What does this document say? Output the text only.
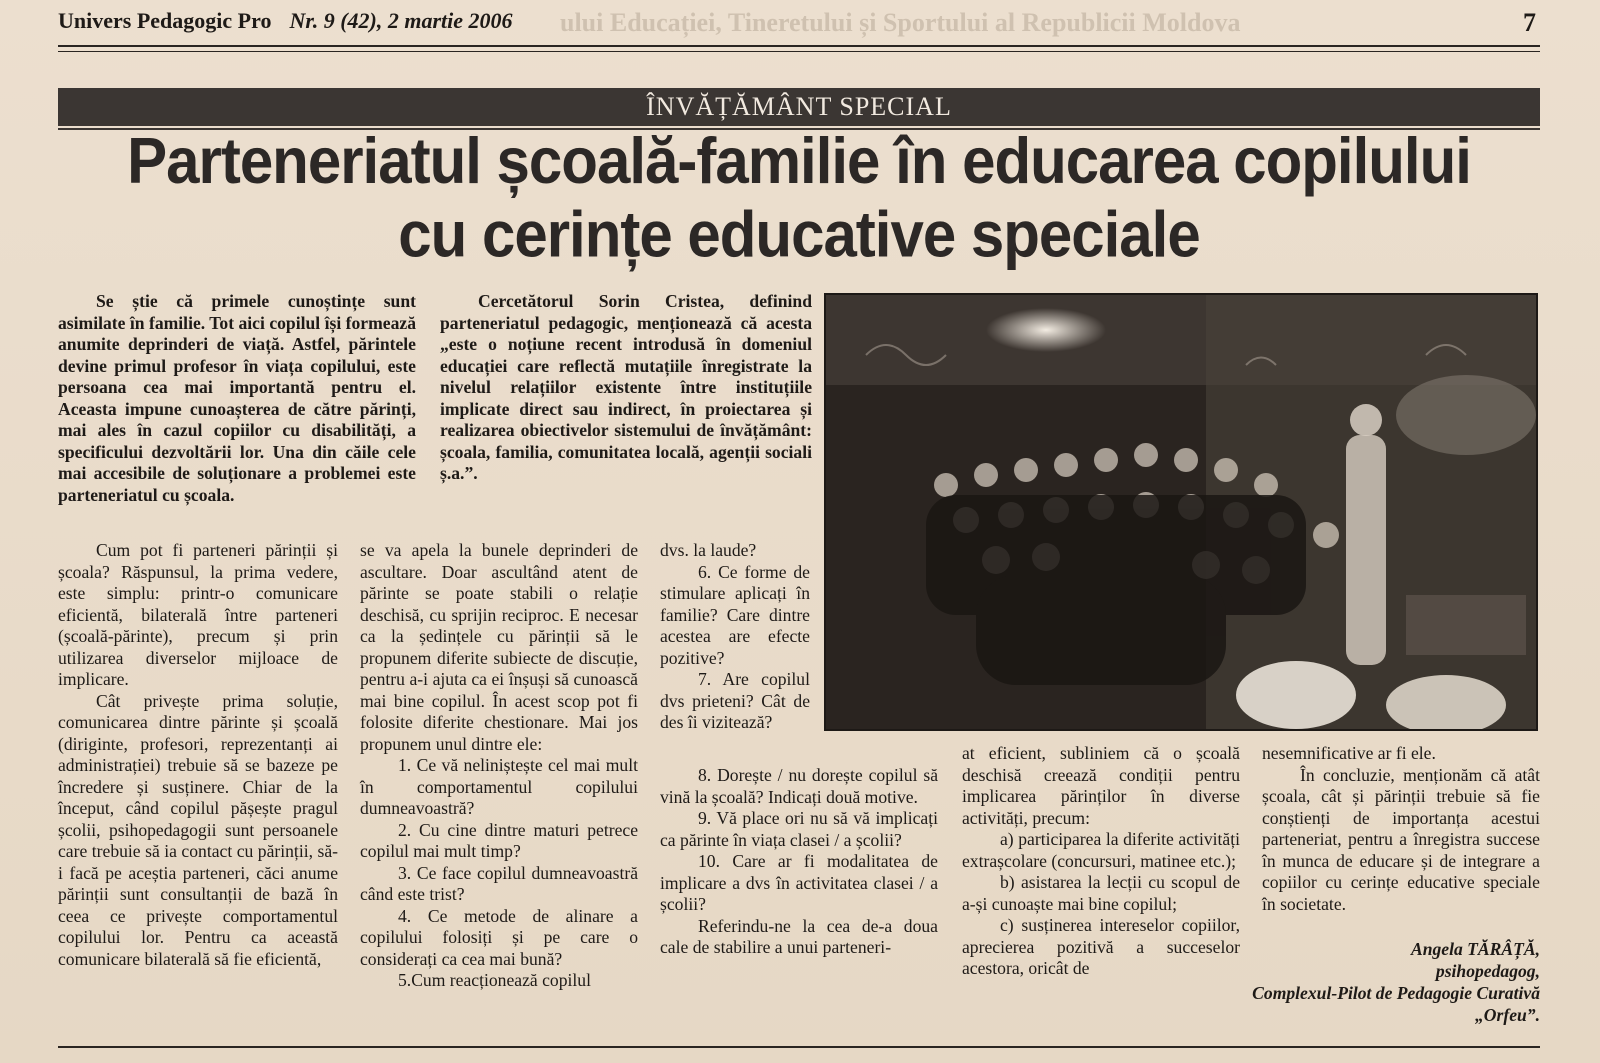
ului Educației, Tineretului și Sportului al Republicii Moldova
Univers Pedagogic Pro Nr. 9 (42), 2 martie 2006	7
ÎNVĂȚĂMÂNT SPECIAL
Parteneriatul școală-familie în educarea copilului
cu cerințe educative speciale

Se știe că primele cunoștințe sunt asimilate în familie. Tot aici copilul își formează anumite deprinderi de viață. Astfel, părintele devine primul profesor în viața copilului, este persoana cea mai importantă pentru el. Aceasta impune cunoașterea de către părinți, mai ales în cazul copiilor cu disabilități, a specificului dezvoltării lor. Una din căile cele mai accesibile de soluționare a problemei este parteneriatul cu școala.

Cercetătorul Sorin Cristea, definind parteneriatul pedagogic, menționează că acesta „este o noțiune recent introdusă în domeniul educației care reflectă mutațiile înregistrate la nivelul relațiilor existente între instituțiile implicate direct sau indirect, în proiectarea și realizarea obiectivelor sistemului de învățământ: școala, familia, comunitatea locală, agenții sociali ș.a.”.

Cum pot fi parteneri părinții și școala? Răspunsul, la prima vedere, este simplu: printr-o comunicare eficientă, bilaterală între parteneri (școală-părinte), precum și prin utilizarea diverselor mijloace de implicare.

Cât privește prima soluție, comunicarea dintre părinte și școală (diriginte, profesori, reprezentanți ai administrației) trebuie să se bazeze pe încredere și susținere. Chiar de la început, când copilul pășește pragul școlii, psihopedagogii sunt persoanele care trebuie să ia contact cu părinții, să-i facă pe aceștia parteneri, căci anume părinții sunt consultanții de bază în ceea ce privește comportamentul copilului lor. Pentru ca această comunicare bilaterală să fie eficientă,

se va apela la bunele deprinderi de ascultare. Doar ascultând atent de părinte se poate stabili o relație deschisă, cu sprijin reciproc. E necesar ca la ședințele cu părinții să le propunem diferite subiecte de discuție, pentru a-i ajuta ca ei înșuși să cunoască mai bine copilul. În acest scop pot fi folosite diferite chestionare. Mai jos propunem unul dintre ele:

1. Ce vă neliniștește cel mai mult în comportamentul copilului dumneavoastră?

2. Cu cine dintre maturi petrece copilul mai mult timp?

3. Ce face copilul dumneavoastră când este trist?

4. Ce metode de alinare a copilului folosiți și pe care o considerați ca cea mai bună?

5.Cum reacționează copilul

dvs. la laude?

6. Ce forme de stimulare aplicați în familie? Care dintre acestea are efecte pozitive?

7. Are copilul dvs prieteni? Cât de des îi vizitează?

8. Dorește / nu dorește copilul să vină la școală? Indicați două motive.

9. Vă place ori nu să vă implicați ca părinte în viața clasei / a școlii?

10. Care ar fi modalitatea de implicare a dvs în activitatea clasei / a școlii?

Referindu-ne la cea de-a doua cale de stabilire a unui parteneri-

at eficient, subliniem că o școală deschisă creează condiții pentru implicarea părinților în diverse activități, precum:

a) participarea la diferite activități extrașcolare (concursuri, matinee etc.);

b) asistarea la lecții cu scopul de a-și cunoaște mai bine copilul;

c) susținerea intereselor copiilor, aprecierea pozitivă a succeselor acestora, oricât de

nesemnificative ar fi ele.

În concluzie, menționăm că atât școala, cât și părinții trebuie să fie conștienți de importanța acestui parteneriat, pentru a înregistra succese în munca de educare și de integrare a copiilor cu cerințe educative speciale în societate.

Angela TĂRÂȚĂ,
psihopedagog,
Complexul-Pilot de Pedagogie Curativă „Orfeu”.
